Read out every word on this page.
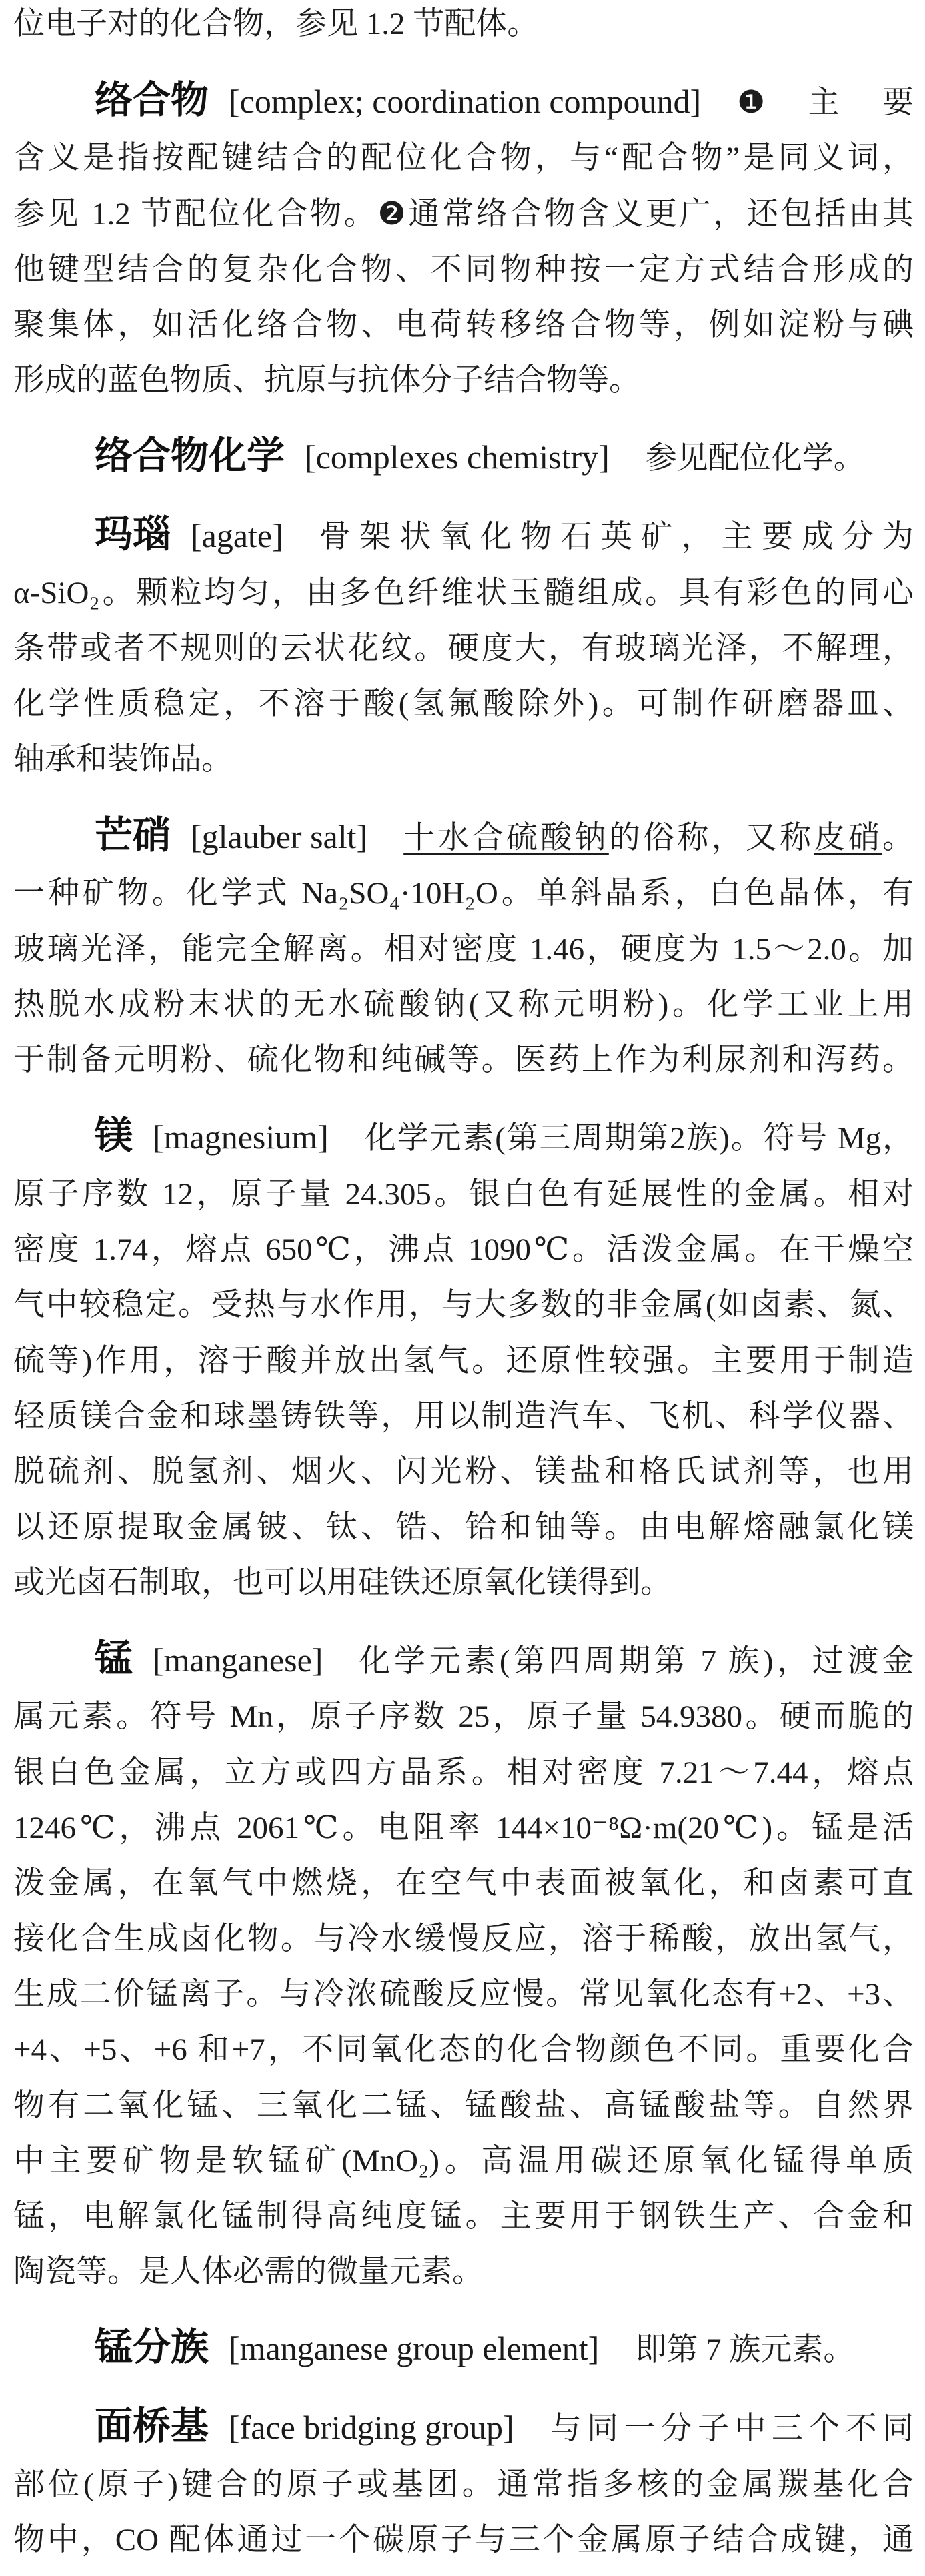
位电子对的化合物，参见 1.2 节配体。
络合物 [complex; coordination compound] ❶主要
含义是指按配键结合的配位化合物，与“配合物”是同义词，
参见 1.2 节配位化合物。❷通常络合物含义更广，还包括由其
他键型结合的复杂化合物、不同物种按一定方式结合形成的
聚集体，如活化络合物、电荷转移络合物等，例如淀粉与碘
形成的蓝色物质、抗原与抗体分子结合物等。
络合物化学 [complexes chemistry] 参见配位化学。
玛瑙 [agate] 骨架状氧化物石英矿，主要成分为
α-SiO₂。颗粒均匀，由多色纤维状玉髓组成。具有彩色的同心
条带或者不规则的云状花纹。硬度大，有玻璃光泽，不解理，
化学性质稳定，不溶于酸(氢氟酸除外)。可制作研磨器皿、
轴承和装饰品。
芒硝 [glauber salt] 十水合硫酸钠的俗称，又称皮硝。
一种矿物。化学式 Na₂SO₄·10H₂O。单斜晶系，白色晶体，有
玻璃光泽，能完全解离。相对密度 1.46，硬度为 1.5～2.0。加
热脱水成粉末状的无水硫酸钠(又称元明粉)。化学工业上用
于制备元明粉、硫化物和纯碱等。医药上作为利尿剂和泻药。
镁 [magnesium] 化学元素(第三周期第2族)。符号 Mg，
原子序数 12，原子量 24.305。银白色有延展性的金属。相对
密度 1.74，熔点 650℃，沸点 1090℃。活泼金属。在干燥空
气中较稳定。受热与水作用，与大多数的非金属(如卤素、氮、
硫等)作用，溶于酸并放出氢气。还原性较强。主要用于制造
轻质镁合金和球墨铸铁等，用以制造汽车、飞机、科学仪器、
脱硫剂、脱氢剂、烟火、闪光粉、镁盐和格氏试剂等，也用
以还原提取金属铍、钛、锆、铪和铀等。由电解熔融氯化镁
或光卤石制取，也可以用硅铁还原氧化镁得到。
锰 [manganese] 化学元素(第四周期第 7 族)，过渡金
属元素。符号 Mn，原子序数 25，原子量 54.9380。硬而脆的
银白色金属，立方或四方晶系。相对密度 7.21～7.44，熔点
1246℃，沸点 2061℃。电阻率 144×10⁻⁸Ω·m(20℃)。锰是活
泼金属，在氧气中燃烧，在空气中表面被氧化，和卤素可直
接化合生成卤化物。与冷水缓慢反应，溶于稀酸，放出氢气，
生成二价锰离子。与冷浓硫酸反应慢。常见氧化态有+2、+3、
+4、+5、+6 和+7，不同氧化态的化合物颜色不同。重要化合
物有二氧化锰、三氧化二锰、锰酸盐、高锰酸盐等。自然界
中主要矿物是软锰矿(MnO₂)。高温用碳还原氧化锰得单质
锰，电解氯化锰制得高纯度锰。主要用于钢铁生产、合金和
陶瓷等。是人体必需的微量元素。
锰分族 [manganese group element] 即第 7 族元素。
面桥基 [face bridging group] 与同一分子中三个不同
部位(原子)键合的原子或基团。通常指多核的金属羰基化合
物中，CO 配体通过一个碳原子与三个金属原子结合成键，通
